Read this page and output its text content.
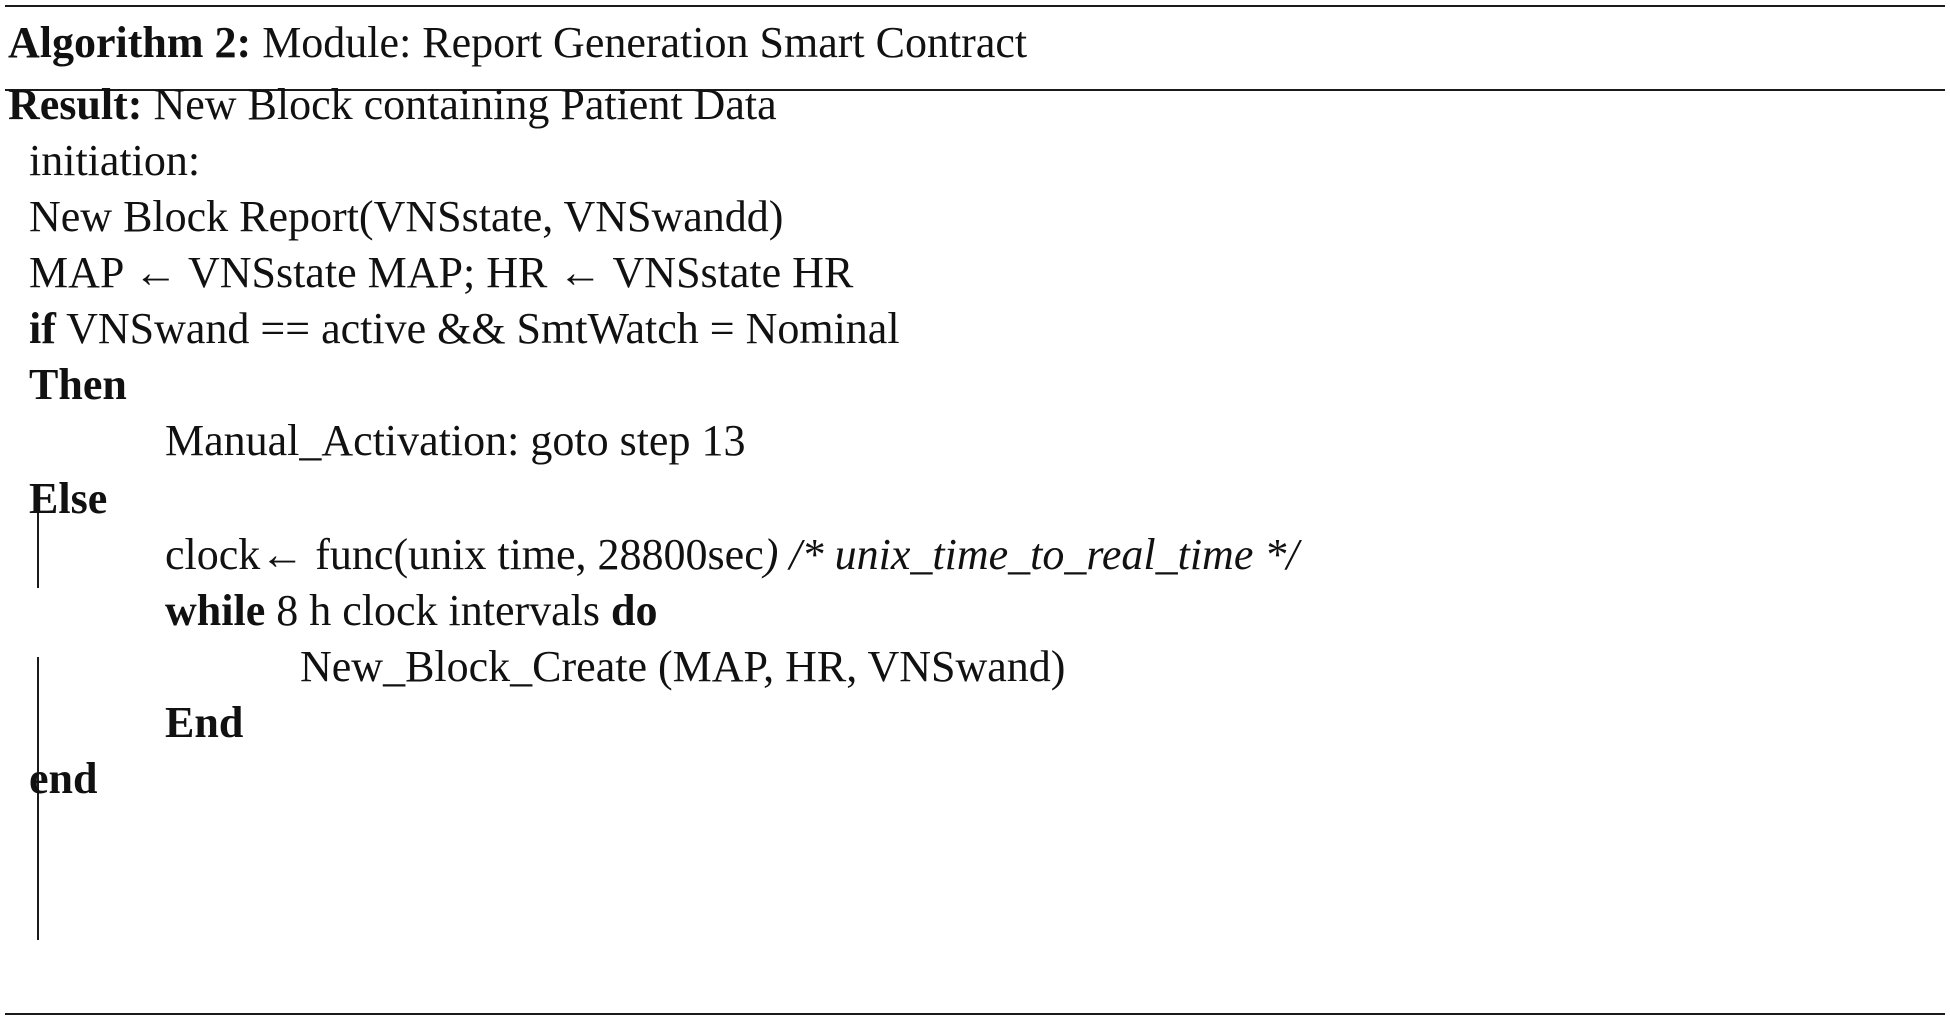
Algorithm 2: Module: Report Generation Smart Contract
Result: New Block containing Patient Data
initiation:
New Block Report(VNSstate, VNSwandd)
MAP ← VNSstate MAP; HR ← VNSstate HR
if VNSwand == active && SmtWatch = Nominal
Then
Manual_Activation: goto step 13
Else
clock← func(unix time, 28800sec) /* unix_time_to_real_time */
while 8 h clock intervals do
New_Block_Create (MAP, HR, VNSwand)
End
end
